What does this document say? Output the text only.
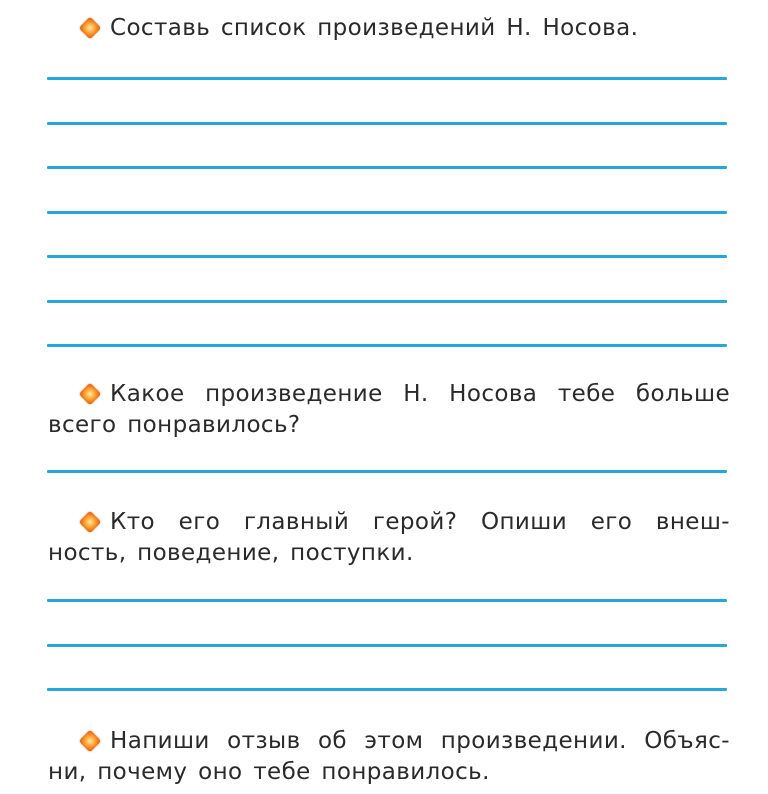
Составь список произведений Н. Носова.
Какое произведение Н. Носова тебе больше
всего понравилось?
Кто его главный герой? Опиши его внеш-
ность, поведение, поступки.
Напиши отзыв об этом произведении. Объяс-
ни, почему оно тебе понравилось.
